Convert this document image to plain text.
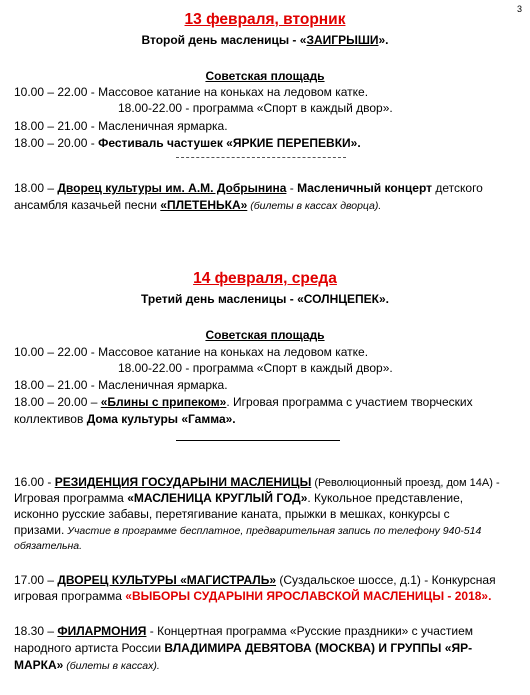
3
13 февраля, вторник
Второй день масленицы - «ЗАИГРЫШИ».
Советская площадь
10.00 – 22.00 - Массовое катание на коньках на ледовом катке.
18.00-22.00 - программа «Спорт в каждый двор».
18.00 – 21.00 - Масленичная ярмарка.
18.00 – 20.00 - Фестиваль частушек «ЯРКИЕ ПЕРЕПЕВКИ».
18.00 – Дворец культуры им. А.М. Добрынина - Масленичный концерт детского
ансамбля казачьей песни «ПЛЕТЕНЬКА» (билеты в кассах дворца).
14 февраля, среда
Третий день масленицы - «СОЛНЦЕПЕК».
Советская площадь
10.00 – 22.00 - Массовое катание на коньках на ледовом катке.
18.00-22.00 - программа «Спорт в каждый двор».
18.00 – 21.00 - Масленичная ярмарка.
18.00 – 20.00 – «Блины с припеком». Игровая программа с участием творческих
коллективов Дома культуры «Гамма».
16.00 - РЕЗИДЕНЦИЯ ГОСУДАРЫНИ МАСЛЕНИЦЫ (Революционный проезд, дом 14А) -
Игровая программа «МАСЛЕНИЦА КРУГЛЫЙ ГОД». Кукольное представление,
исконно русские забавы, перетягивание каната, прыжки в мешках, конкурсы с
призами. Участие в программе бесплатное, предварительная запись по телефону 940-514
обязательна.
17.00 – ДВОРЕЦ КУЛЬТУРЫ «МАГИСТРАЛЬ» (Суздальское шоссе, д.1) - Конкурсная
игровая программа «ВЫБОРЫ СУДАРЫНИ ЯРОСЛАВСКОЙ МАСЛЕНИЦЫ - 2018».
18.30 – ФИЛАРМОНИЯ - Концертная программа «Русские праздники» с участием
народного артиста России ВЛАДИМИРА ДЕВЯТОВА (МОСКВА) И ГРУППЫ «ЯР-
МАРКА» (билеты в кассах).
